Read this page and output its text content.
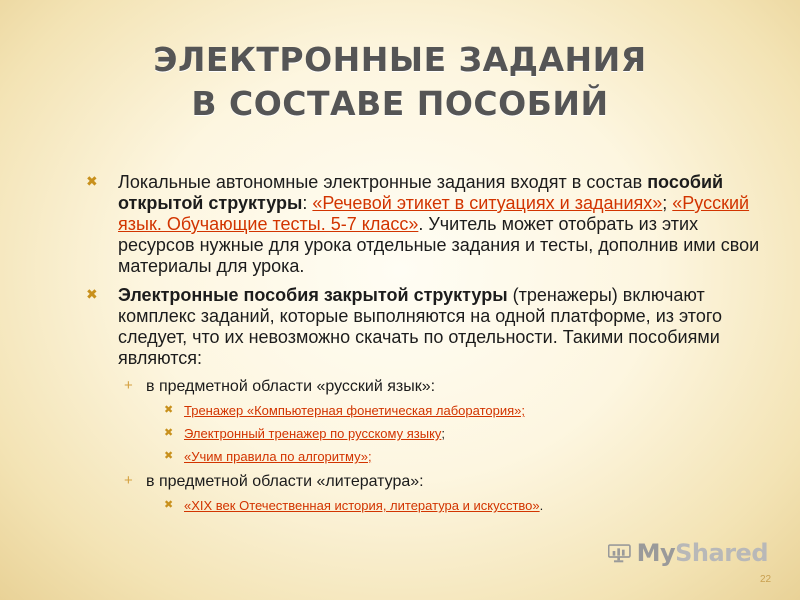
ЭЛЕКТРОННЫЕ ЗАДАНИЯ
В СОСТАВЕ ПОСОБИЙ
✖ Локальные автономные электронные задания входят в состав пособий открытой структуры: «Речевой этикет в ситуациях и заданиях»; «Русский язык. Обучающие тесты. 5-7 класс». Учитель может отобрать из этих ресурсов нужные для урока отдельные задания и тесты, дополнив ими свои материалы для урока.
✖ Электронные пособия закрытой структуры (тренажеры) включают комплекс заданий, которые выполняются на одной платформе, из этого следует, что их невозможно скачать по отдельности. Такими пособиями являются:
+ в предметной области «русский язык»:
✖ Тренажер «Компьютерная фонетическая лаборатория»;
✖ Электронный тренажер по русскому языку;
✖ «Учим правила по алгоритму»;
+ в предметной области «литература»:
✖ «XIX век Отечественная история, литература и искусство».
MyShared
22
